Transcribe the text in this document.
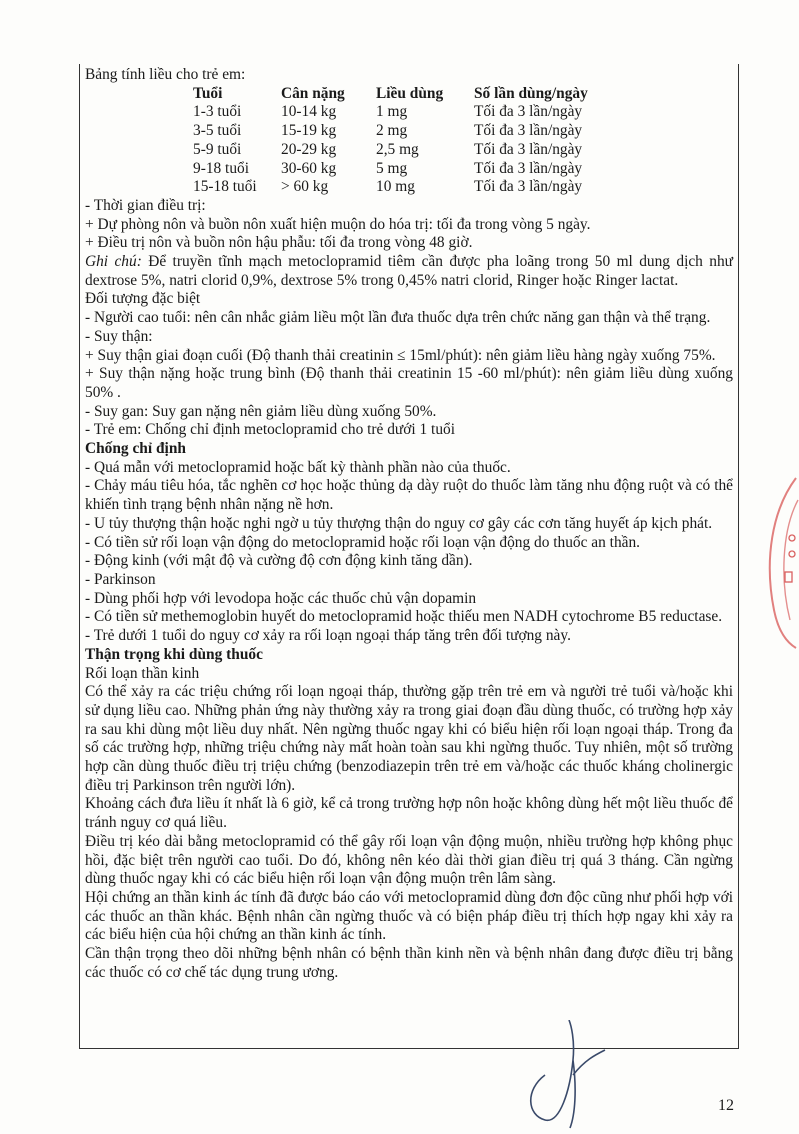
Bảng tính liều cho trẻ em:

Tuổi	Cân nặng	Liều dùng	Số lần dùng/ngày
1-3 tuổi	10-14 kg	1 mg	Tối đa 3 lần/ngày
3-5 tuổi	15-19 kg	2 mg	Tối đa 3 lần/ngày
5-9 tuổi	20-29 kg	2,5 mg	Tối đa 3 lần/ngày
9-18 tuổi	30-60 kg	5 mg	Tối đa 3 lần/ngày
15-18 tuổi	> 60 kg	10 mg	Tối đa 3 lần/ngày

- Thời gian điều trị:

+ Dự phòng nôn và buồn nôn xuất hiện muộn do hóa trị: tối đa trong vòng 5 ngày.

+ Điều trị nôn và buồn nôn hậu phẫu: tối đa trong vòng 48 giờ.

Ghi chú: Để truyền tĩnh mạch metoclopramid tiêm cần được pha loãng trong 50 ml dung dịch như dextrose 5%, natri clorid 0,9%, dextrose 5% trong 0,45% natri clorid, Ringer hoặc Ringer lactat.

Đối tượng đặc biệt

- Người cao tuổi: nên cân nhắc giảm liều một lần đưa thuốc dựa trên chức năng gan thận và thể trạng.

- Suy thận:

+ Suy thận giai đoạn cuối (Độ thanh thải creatinin ≤ 15ml/phút): nên giảm liều hàng ngày xuống 75%.

+ Suy thận nặng hoặc trung bình (Độ thanh thải creatinin 15 -60 ml/phút): nên giảm liều dùng xuống 50% .

- Suy gan: Suy gan nặng nên giảm liều dùng xuống 50%.

- Trẻ em: Chống chỉ định metoclopramid cho trẻ dưới 1 tuổi

Chống chỉ định

- Quá mẫn với metoclopramid hoặc bất kỳ thành phần nào của thuốc.

- Chảy máu tiêu hóa, tắc nghẽn cơ học hoặc thủng dạ dày ruột do thuốc làm tăng nhu động ruột và có thể khiến tình trạng bệnh nhân nặng nề hơn.

- U tủy thượng thận hoặc nghi ngờ u tủy thượng thận do nguy cơ gây các cơn tăng huyết áp kịch phát.

- Có tiền sử rối loạn vận động do metoclopramid hoặc rối loạn vận động do thuốc an thần.

- Động kinh (với mật độ và cường độ cơn động kinh tăng dần).

- Parkinson

- Dùng phối hợp với levodopa hoặc các thuốc chủ vận dopamin

- Có tiền sử methemoglobin huyết do metoclopramid hoặc thiếu men NADH cytochrome B5 reductase.

- Trẻ dưới 1 tuổi do nguy cơ xảy ra rối loạn ngoại tháp tăng trên đối tượng này.

Thận trọng khi dùng thuốc

Rối loạn thần kinh

Có thể xảy ra các triệu chứng rối loạn ngoại tháp, thường gặp trên trẻ em và người trẻ tuổi và/hoặc khi sử dụng liều cao. Những phản ứng này thường xảy ra trong giai đoạn đầu dùng thuốc, có trường hợp xảy ra sau khi dùng một liều duy nhất. Nên ngừng thuốc ngay khi có biểu hiện rối loạn ngoại tháp. Trong đa số các trường hợp, những triệu chứng này mất hoàn toàn sau khi ngừng thuốc. Tuy nhiên, một số trường hợp cần dùng thuốc điều trị triệu chứng (benzodiazepin trên trẻ em và/hoặc các thuốc kháng cholinergic điều trị Parkinson trên người lớn).

Khoảng cách đưa liều ít nhất là 6 giờ, kể cả trong trường hợp nôn hoặc không dùng hết một liều thuốc để tránh nguy cơ quá liều.

Điều trị kéo dài bằng metoclopramid có thể gây rối loạn vận động muộn, nhiều trường hợp không phục hồi, đặc biệt trên người cao tuổi. Do đó, không nên kéo dài thời gian điều trị quá 3 tháng. Cần ngừng dùng thuốc ngay khi có các biểu hiện rối loạn vận động muộn trên lâm sàng.

Hội chứng an thần kinh ác tính đã được báo cáo với metoclopramid dùng đơn độc cũng như phối hợp với các thuốc an thần khác. Bệnh nhân cần ngừng thuốc và có biện pháp điều trị thích hợp ngay khi xảy ra các biểu hiện của hội chứng an thần kinh ác tính.

Cần thận trọng theo dõi những bệnh nhân có bệnh thần kinh nền và bệnh nhân đang được điều trị bằng các thuốc có cơ chế tác dụng trung ương.

12
